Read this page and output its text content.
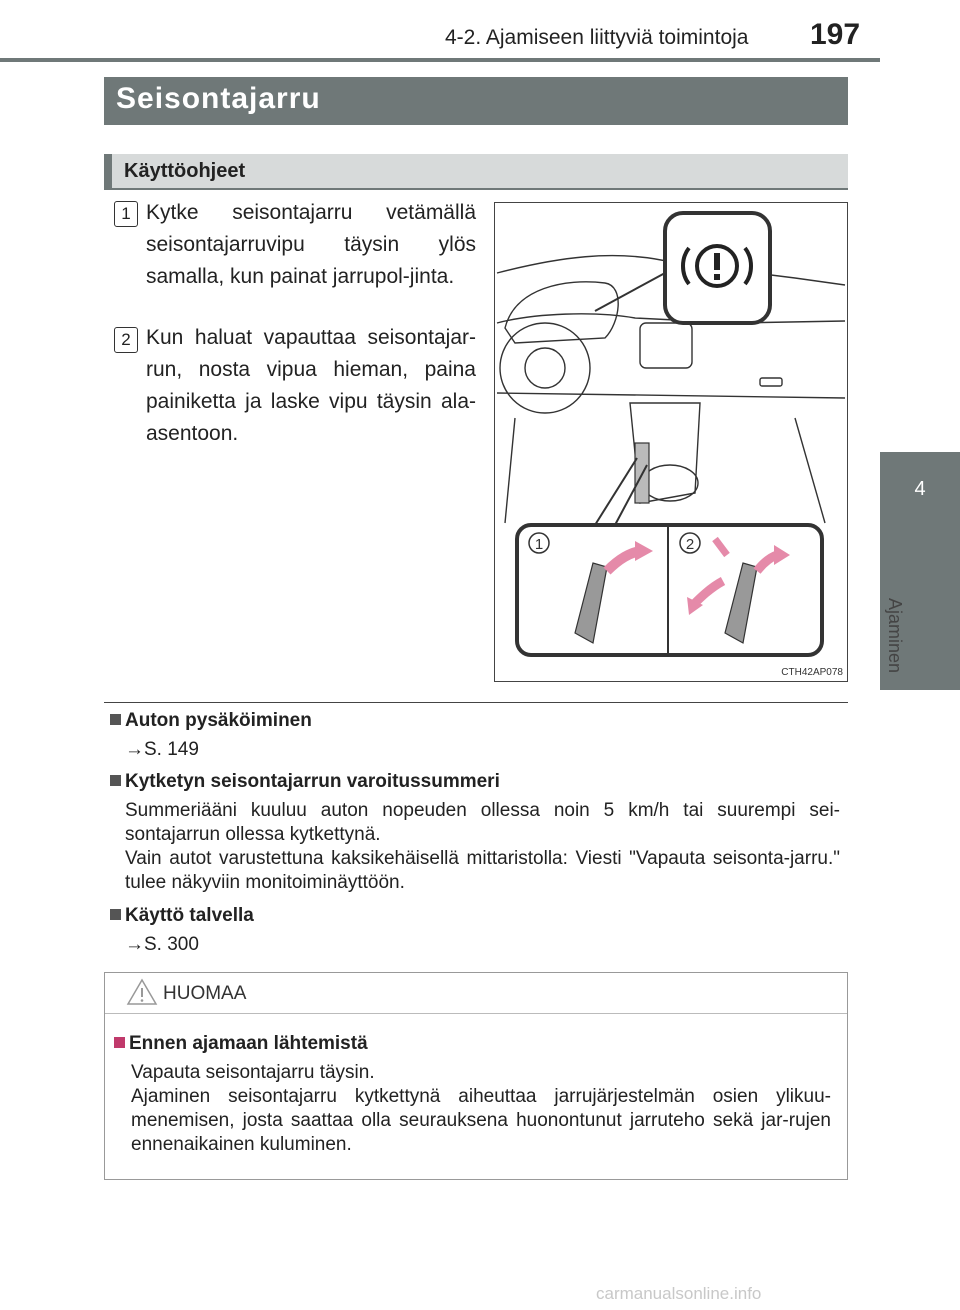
4-2. Ajamiseen liittyviä toimintoja 197
4
Ajaminen
Seisontajarru
Käyttöohjeet
1 Kytke seisontajarru vetämällä seisontajarruvipu täysin ylös samalla, kun painat jarrupol-jinta.
2 Kun haluat vapauttaa seisontajar-run, nosta vipua hieman, paina painiketta ja laske vipu täysin ala-asentoon.
1	2
CTH42AP078
Auton pysäköiminen
→S. 149
Kytketyn seisontajarrun varoitussummeri
Summeriääni kuuluu auton nopeuden ollessa noin 5 km/h tai suurempi sei-sontajarrun ollessa kytkettynä.
Vain autot varustettuna kaksikehäisellä mittaristolla: Viesti "Vapauta seisonta-jarru." tulee näkyviin monitoiminäyttöön.
Käyttö talvella
→S. 300
HUOMAA
Ennen ajamaan lähtemistä
Vapauta seisontajarru täysin.
Ajaminen seisontajarru kytkettynä aiheuttaa jarrujärjestelmän osien ylikuu-menemisen, josta saattaa olla seurauksena huonontunut jarruteho sekä jar-rujen ennenaikainen kuluminen.
carmanualsonline.info
